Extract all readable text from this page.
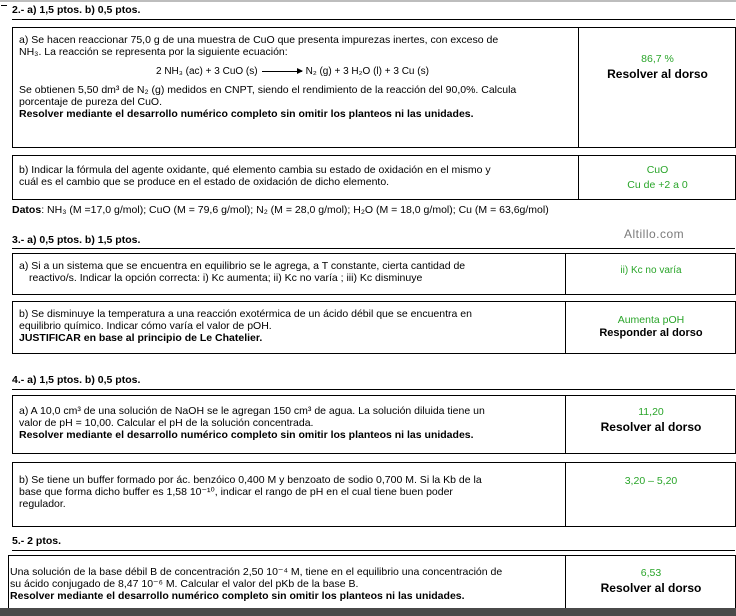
2.- a) 1,5 ptos. b) 0,5 ptos.
a) Se hacen reaccionar 75,0 g de una muestra de CuO que presenta impurezas inertes, con exceso de
NH₃. La reacción se representa por la siguiente ecuación:
2 NH₃ (ac) + 3 CuO (s) → N₂ (g) + 3 H₂O (l) + 3 Cu (s)
Se obtienen 5,50 dm³ de N₂ (g) medidos en CNPT, siendo el rendimiento de la reacción del 90,0%. Calcula
porcentaje de pureza del CuO.
Resolver mediante el desarrollo numérico completo sin omitir los planteos ni las unidades.
86,7 %
Resolver al dorso
b) Indicar la fórmula del agente oxidante, qué elemento cambia su estado de oxidación en el mismo y
cuál es el cambio que se produce en el estado de oxidación de dicho elemento.
CuO
Cu de +2 a 0
Datos: NH₃ (M =17,0 g/mol); CuO (M = 79,6 g/mol); N₂ (M = 28,0 g/mol); H₂O (M = 18,0 g/mol); Cu (M = 63,6g/mol)
Altillo.com
3.- a) 0,5 ptos. b) 1,5 ptos.
a) Si a un sistema que se encuentra en equilibrio se le agrega, a T constante, cierta cantidad de
reactivo/s. Indicar la opción correcta: i) Kc aumenta; ii) Kc no varía ; iii) Kc disminuye
ii) Kc no varía
b) Se disminuye la temperatura a una reacción exotérmica de un ácido débil que se encuentra en
equilibrio químico. Indicar cómo varía el valor de pOH.
JUSTIFICAR en base al principio de Le Chatelier.
Aumenta pOH
Responder al dorso
4.- a) 1,5 ptos. b) 0,5 ptos.
a) A 10,0 cm³ de una solución de NaOH se le agregan 150 cm³ de agua. La solución diluida tiene un
valor de pH = 10,00. Calcular el pH de la solución concentrada.
Resolver mediante el desarrollo numérico completo sin omitir los planteos ni las unidades.
11,20
Resolver al dorso
b) Se tiene un buffer formado por ác. benzóico 0,400 M y benzoato de sodio 0,700 M. Si la Kb de la
base que forma dicho buffer es 1,58 10⁻¹⁰, indicar el rango de pH en el cual tiene buen poder
regulador.
3,20 – 5,20
5.- 2 ptos.
Una solución de la base débil B de concentración 2,50 10⁻⁴ M, tiene en el equilibrio una concentración de
su ácido conjugado de 8,47 10⁻⁶ M. Calcular el valor del pKb de la base B.
Resolver mediante el desarrollo numérico completo sin omitir los planteos ni las unidades.
6,53
Resolver al dorso
